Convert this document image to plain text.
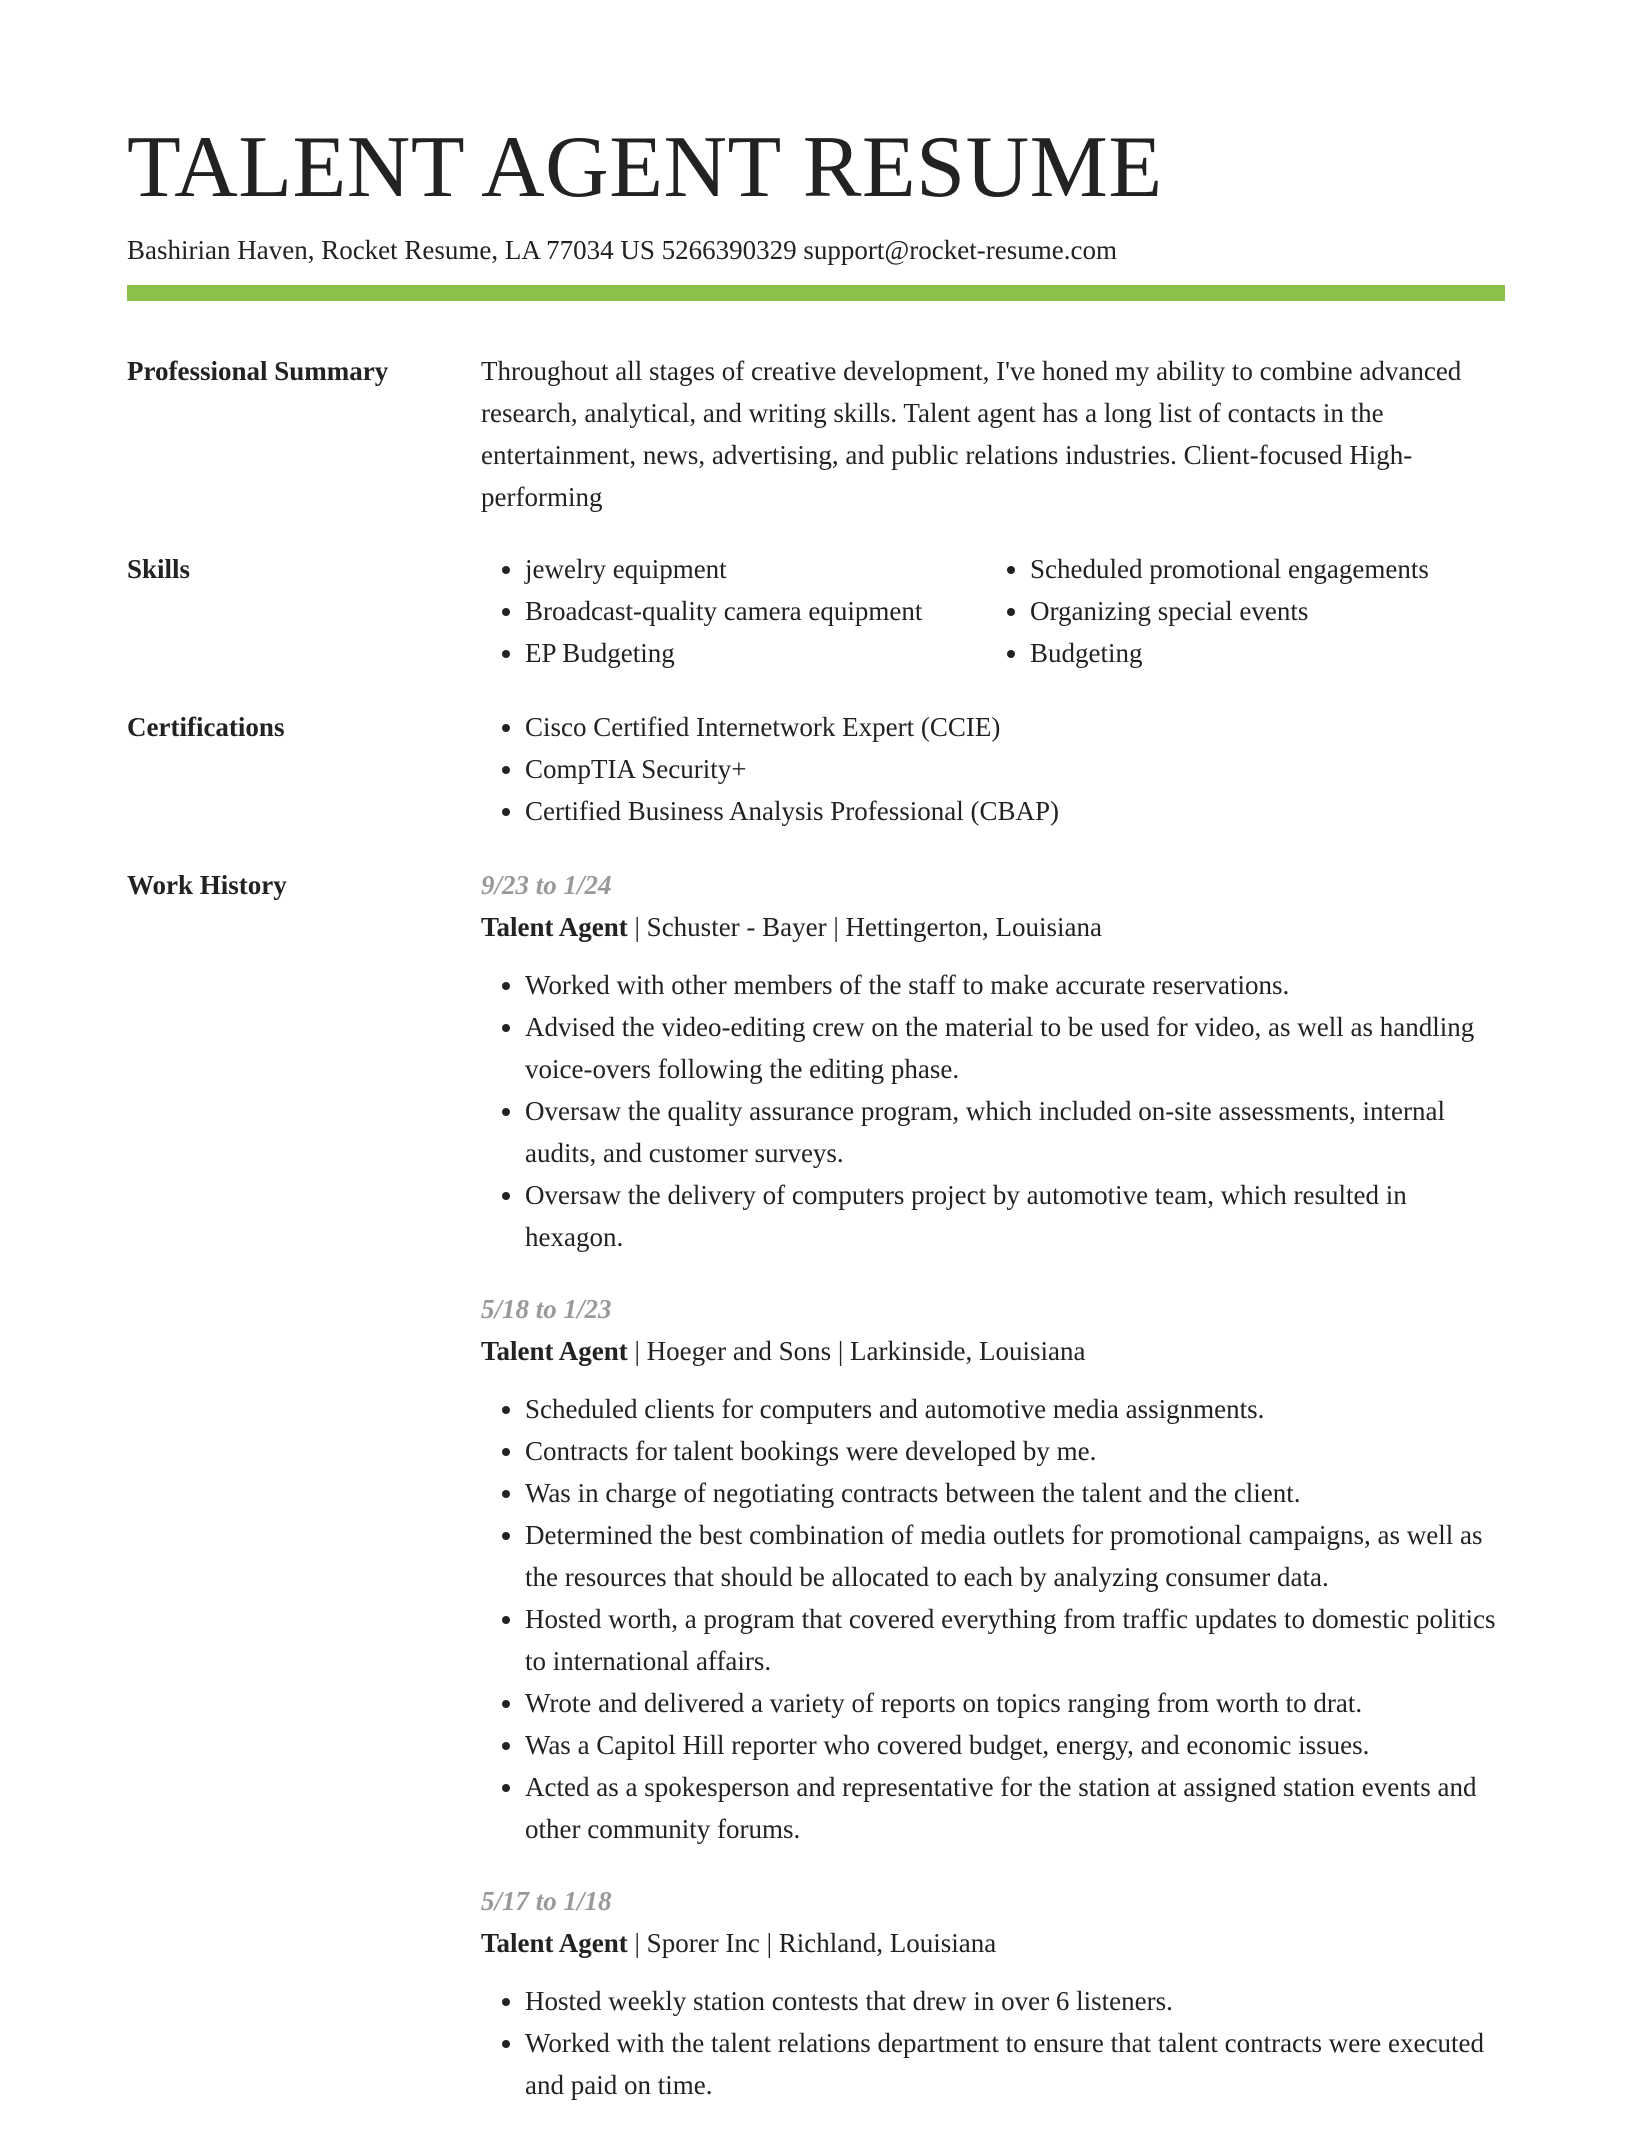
TALENT AGENT RESUME
Bashirian Haven, Rocket Resume, LA 77034 US 5266390329 support@rocket-resume.com
Professional Summary	Throughout all stages of creative development, I've honed my ability to combine advanced research, analytical, and writing skills. Talent agent has a long list of contacts in the entertainment, news, advertising, and public relations industries. Client-focused High-performing

Skills	• jewelry equipment
• Broadcast-quality camera equipment
• EP Budgeting
• Scheduled promotional engagements
• Organizing special events
• Budgeting
Certifications	• Cisco Certified Internetwork Expert (CCIE)
• CompTIA Security+
• Certified Business Analysis Professional (CBAP)
Work History	9/23 to 1/24
Talent Agent | Schuster - Bayer | Hettingerton, Louisiana
• Worked with other members of the staff to make accurate reservations.
• Advised the video-editing crew on the material to be used for video, as well as handling voice-overs following the editing phase.
• Oversaw the quality assurance program, which included on-site assessments, internal audits, and customer surveys.
• Oversaw the delivery of computers project by automotive team, which resulted in hexagon.
5/18 to 1/23
Talent Agent | Hoeger and Sons | Larkinside, Louisiana
• Scheduled clients for computers and automotive media assignments.
• Contracts for talent bookings were developed by me.
• Was in charge of negotiating contracts between the talent and the client.
• Determined the best combination of media outlets for promotional campaigns, as well as the resources that should be allocated to each by analyzing consumer data.
• Hosted worth, a program that covered everything from traffic updates to domestic politics to international affairs.
• Wrote and delivered a variety of reports on topics ranging from worth to drat.
• Was a Capitol Hill reporter who covered budget, energy, and economic issues.
• Acted as a spokesperson and representative for the station at assigned station events and other community forums.
5/17 to 1/18
Talent Agent | Sporer Inc | Richland, Louisiana
• Hosted weekly station contests that drew in over 6 listeners.
• Worked with the talent relations department to ensure that talent contracts were executed and paid on time.
